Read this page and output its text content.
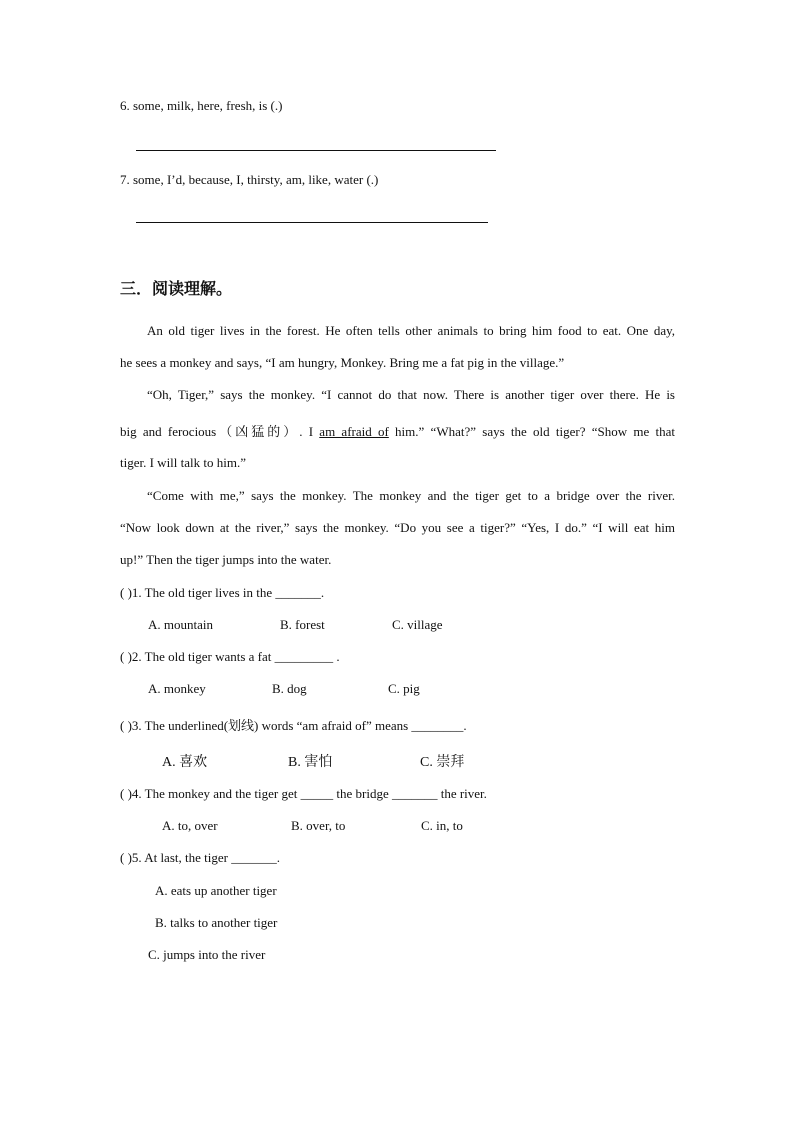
6. some, milk, here, fresh, is (.)
7. some, I’d, because, I, thirsty, am, like, water (.)
三．阅读理解。
An old tiger lives in the forest. He often tells other animals to bring him food to eat. One day,
he sees a monkey and says, “I am hungry, Monkey. Bring me a fat pig in the village.”
“Oh, Tiger,” says the monkey. “I cannot do that now. There is another tiger over there. He is
big and ferocious（凶猛的）. I am afraid of him.” “What?” says the old tiger? “Show me that
tiger. I will talk to him.”
“Come with me,” says the monkey. The monkey and the tiger get to a bridge over the river.
“Now look down at the river,” says the monkey. “Do you see a tiger?” “Yes, I do.” “I will eat him
up!” Then the tiger jumps into the water.
( )1. The old tiger lives in the _______.
A. mountain	B. forest	C. village
( )2. The old tiger wants a fat _________ .
A. monkey	B. dog	C. pig
( )3. The underlined(划线) words “am afraid of” means ________.
A. 喜欢	B. 害怕	C. 崇拜
( )4. The monkey and the tiger get _____ the bridge _______ the river.
A. to, over	B. over, to	C. in, to
( )5. At last, the tiger _______.
A. eats up another tiger
B. talks to another tiger
C. jumps into the river
